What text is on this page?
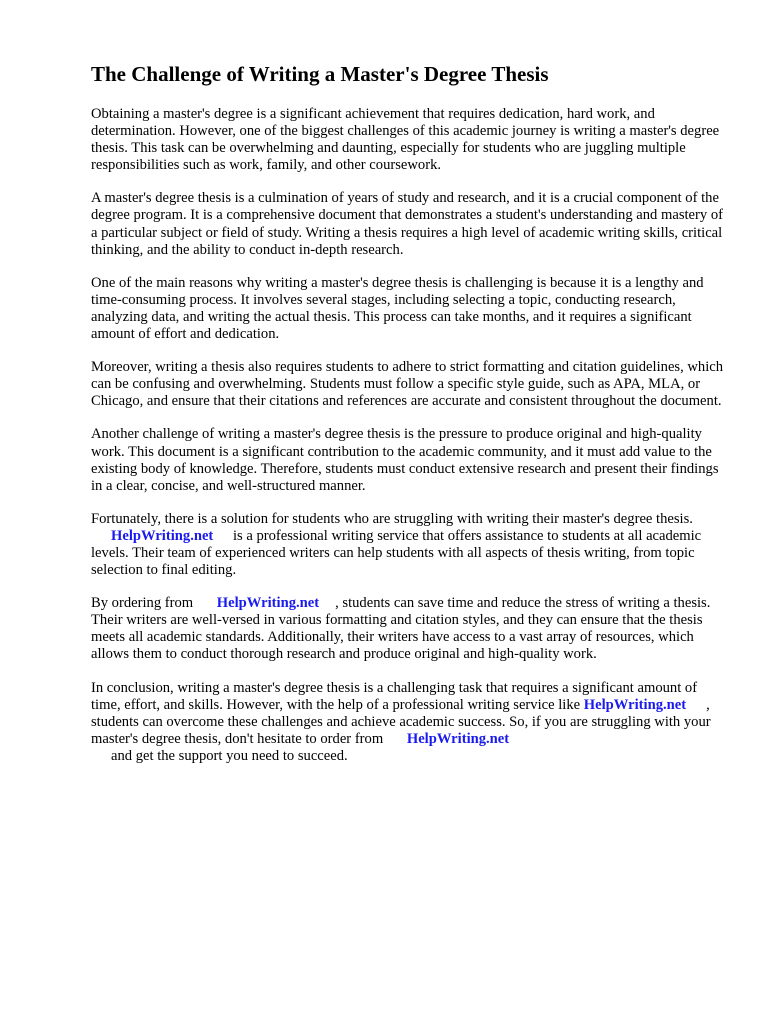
The Challenge of Writing a Master's Degree Thesis

Obtaining a master's degree is a significant achievement that requires dedication, hard work, and determination. However, one of the biggest challenges of this academic journey is writing a master's degree thesis. This task can be overwhelming and daunting, especially for students who are juggling multiple responsibilities such as work, family, and other coursework.

A master's degree thesis is a culmination of years of study and research, and it is a crucial component of the degree program. It is a comprehensive document that demonstrates a student's understanding and mastery of a particular subject or field of study. Writing a thesis requires a high level of academic writing skills, critical thinking, and the ability to conduct in-depth research.

One of the main reasons why writing a master's degree thesis is challenging is because it is a lengthy and time-consuming process. It involves several stages, including selecting a topic, conducting research, analyzing data, and writing the actual thesis. This process can take months, and it requires a significant amount of effort and dedication.

Moreover, writing a thesis also requires students to adhere to strict formatting and citation guidelines, which can be confusing and overwhelming. Students must follow a specific style guide, such as APA, MLA, or Chicago, and ensure that their citations and references are accurate and consistent throughout the document.

Another challenge of writing a master's degree thesis is the pressure to produce original and high-quality work. This document is a significant contribution to the academic community, and it must add value to the existing body of knowledge. Therefore, students must conduct extensive research and present their findings in a clear, concise, and well-structured manner.

Fortunately, there is a solution for students who are struggling with writing their master's degree thesis. HelpWriting.net is a professional writing service that offers assistance to students at all academic levels. Their team of experienced writers can help students with all aspects of thesis writing, from topic selection to final editing.

By ordering from HelpWriting.net , students can save time and reduce the stress of writing a thesis. Their writers are well-versed in various formatting and citation styles, and they can ensure that the thesis meets all academic standards. Additionally, their writers have access to a vast array of resources, which allows them to conduct thorough research and produce original and high-quality work.

In conclusion, writing a master's degree thesis is a challenging task that requires a significant amount of time, effort, and skills. However, with the help of a professional writing service like HelpWriting.net , students can overcome these challenges and achieve academic success. So, if you are struggling with your master's degree thesis, don't hesitate to order from HelpWriting.net
and get the support you need to succeed.
